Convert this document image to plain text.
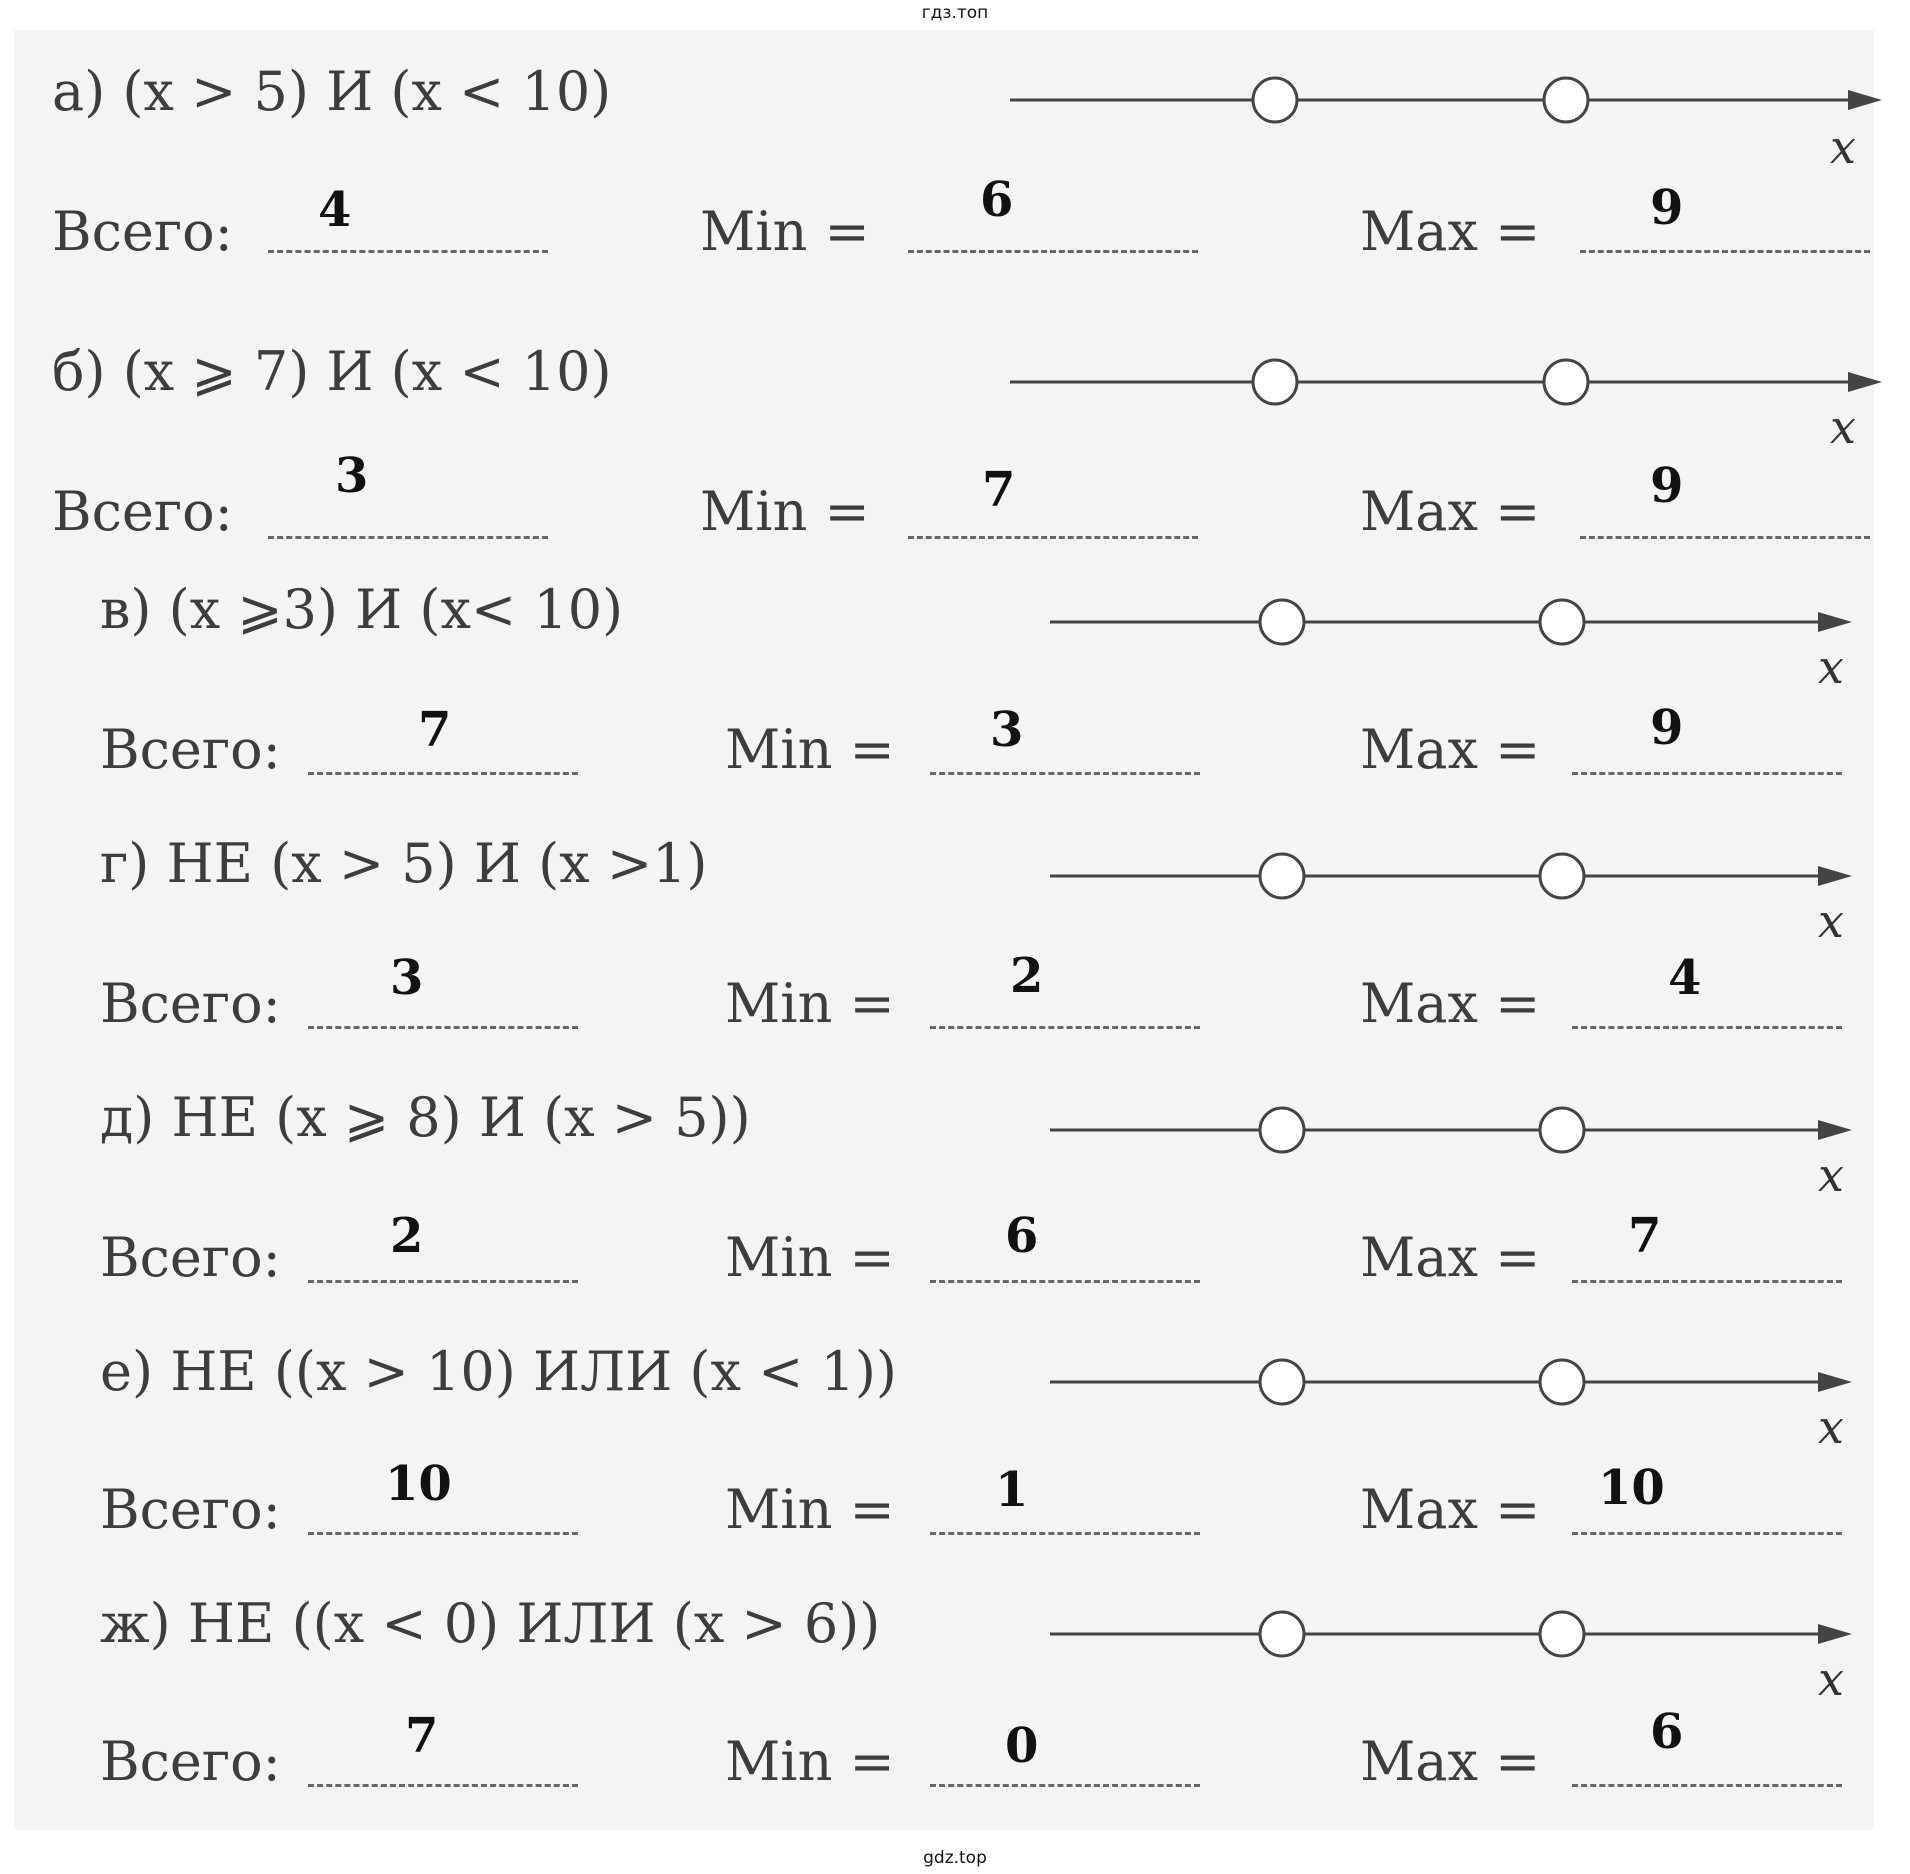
гдз.топ
а) (x > 5) И (x < 10)
x
Всего: 4	Min = 6	Max = 9
б) (x ⩾ 7) И (x < 10)
x
Всего:
3
Min = 7	Max = 9
в) (x ⩾3) И (x< 10)
x
Всего:	7	Min = 3	Max = 9
г) НЕ (x > 5) И (x >1)
x
Всего: 3	Min = 2	Max =	4
д) НЕ (x ⩾ 8) И (x > 5))
x
Всего: 2	Min = 6	Max = 7
е) НЕ ((x > 10) ИЛИ (x < 1))
x
Всего: 10	Min = 1	Max = 10
ж) НЕ ((x < 0) ИЛИ (x > 6))
x
Всего:	7	Min = 0	Max = 6
gdz.top
